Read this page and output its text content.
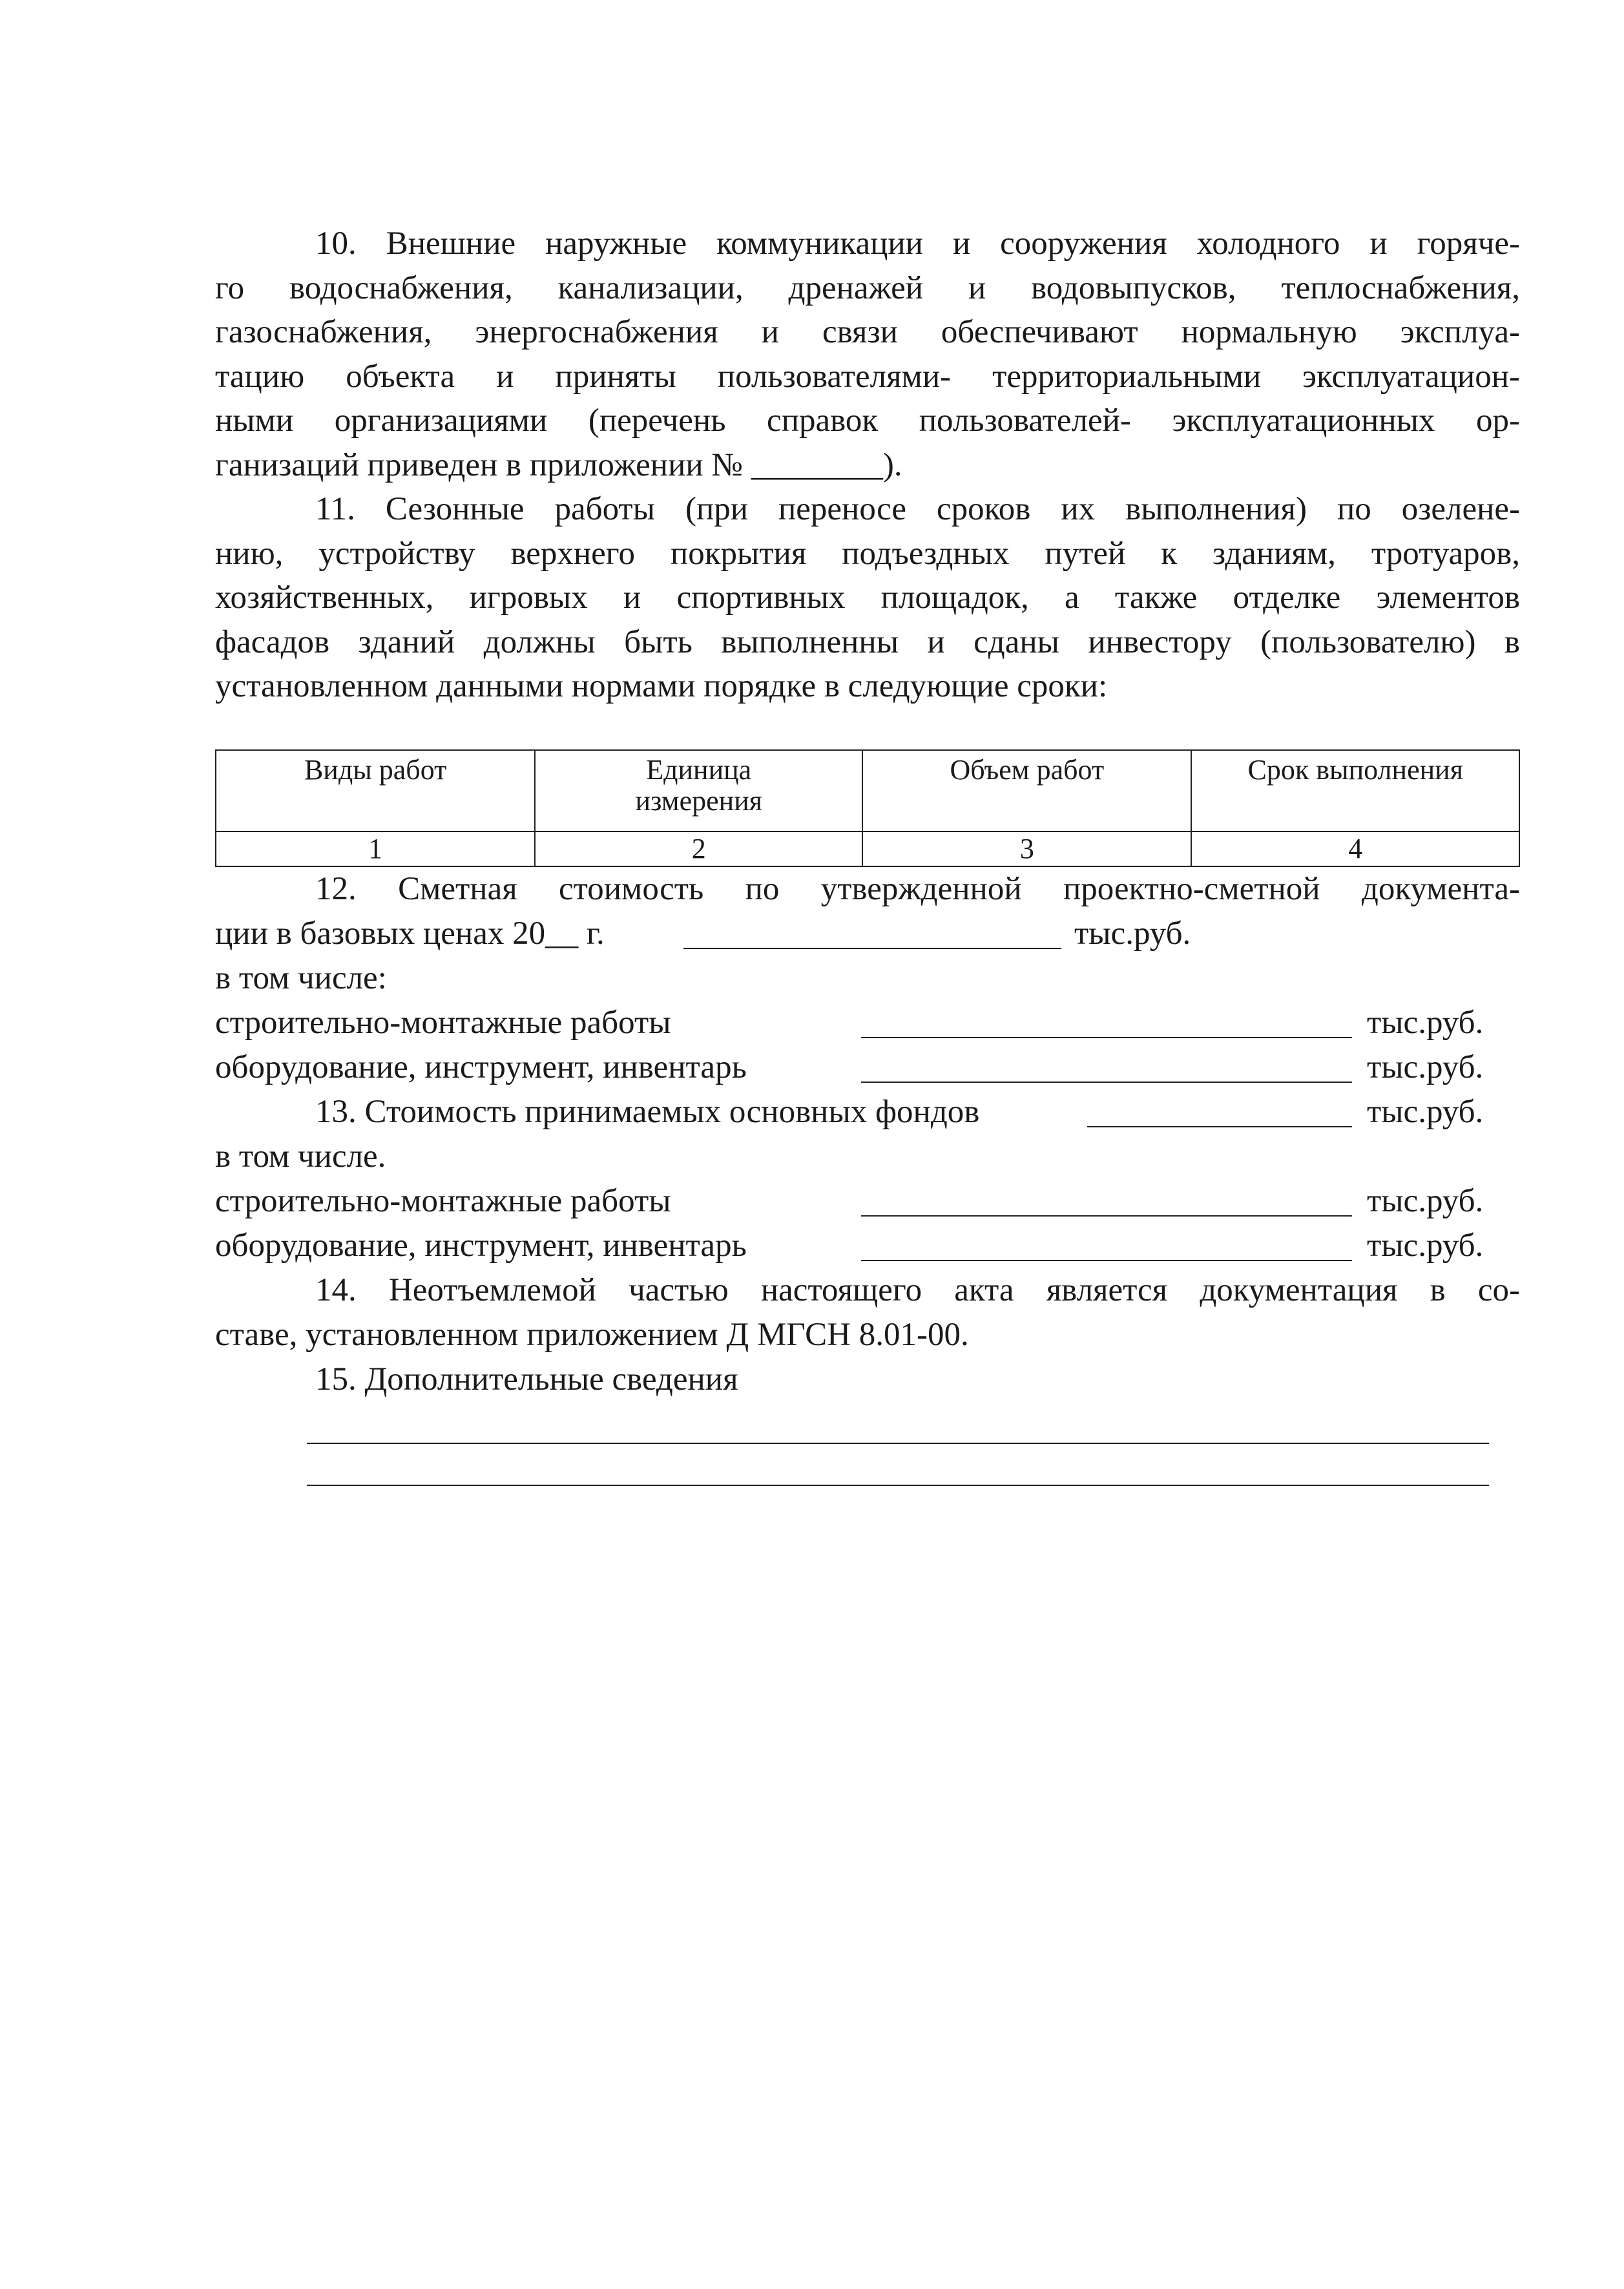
10. Внешние наружные коммуникации и сооружения холодного и горяче-
го водоснабжения, канализации, дренажей и водовыпусков, теплоснабжения,
газоснабжения, энергоснабжения и связи обеспечивают нормальную эксплуа-
тацию объекта и приняты пользователями- территориальными эксплуатацион-
ными организациями (перечень справок пользователей- эксплуатационных ор-
ганизаций приведен в приложении № ________).
11. Сезонные работы (при переносе сроков их выполнения) по озелене-
нию, устройству верхнего покрытия подъездных путей к зданиям, тротуаров,
хозяйственных, игровых и спортивных площадок, а также отделке элементов
фасадов зданий должны быть выполненны и сданы инвестору (пользователю) в
установленном данными нормами порядке в следующие сроки:
Виды работ	Единица измерения	Объем работ	Срок выполнения
1	2	3	4
12. Сметная стоимость по утвержденной проектно-сметной документа-
ции в базовых ценах 20__ г.	тыс.руб.
в том числе:
строительно-монтажные работы	тыс.руб.
оборудование, инструмент, инвентарь	тыс.руб.
13. Стоимость принимаемых основных фондов	тыс.руб.
в том числе.
строительно-монтажные работы	тыс.руб.
оборудование, инструмент, инвентарь	тыс.руб.
14. Неотъемлемой частью настоящего акта является документация в со-
ставе, установленном приложением Д МГСН 8.01-00.
15. Дополнительные сведения
